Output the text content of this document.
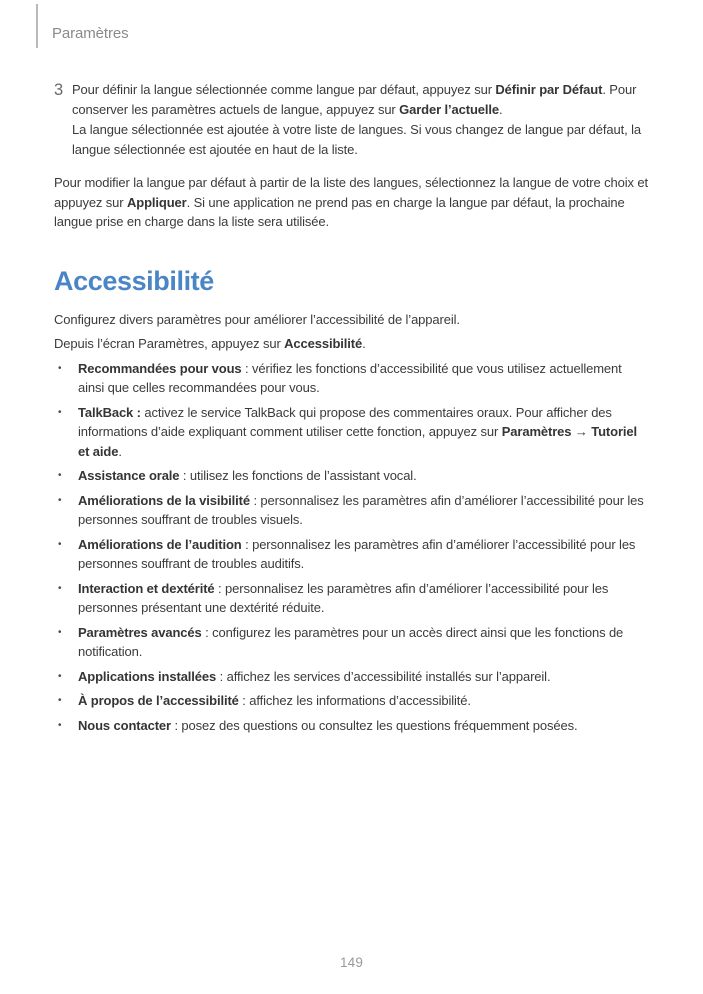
Paramètres
3 Pour définir la langue sélectionnée comme langue par défaut, appuyez sur Définir par Défaut. Pour conserver les paramètres actuels de langue, appuyez sur Garder l’actuelle.

La langue sélectionnée est ajoutée à votre liste de langues. Si vous changez de langue par défaut, la langue sélectionnée est ajoutée en haut de la liste.

Pour modifier la langue par défaut à partir de la liste des langues, sélectionnez la langue de votre choix et appuyez sur Appliquer. Si une application ne prend pas en charge la langue par défaut, la prochaine langue prise en charge dans la liste sera utilisée.

Accessibilité

Configurez divers paramètres pour améliorer l’accessibilité de l’appareil.

Depuis l’écran Paramètres, appuyez sur Accessibilité.

• Recommandées pour vous : vérifiez les fonctions d’accessibilité que vous utilisez actuellement ainsi que celles recommandées pour vous.
• TalkBack : activez le service TalkBack qui propose des commentaires oraux. Pour afficher des informations d’aide expliquant comment utiliser cette fonction, appuyez sur Paramètres → Tutoriel et aide.
• Assistance orale : utilisez les fonctions de l’assistant vocal.
• Améliorations de la visibilité : personnalisez les paramètres afin d’améliorer l’accessibilité pour les personnes souffrant de troubles visuels.
• Améliorations de l’audition : personnalisez les paramètres afin d’améliorer l’accessibilité pour les personnes souffrant de troubles auditifs.
• Interaction et dextérité : personnalisez les paramètres afin d’améliorer l’accessibilité pour les personnes présentant une dextérité réduite.
• Paramètres avancés : configurez les paramètres pour un accès direct ainsi que les fonctions de notification.
• Applications installées : affichez les services d’accessibilité installés sur l’appareil.
• À propos de l’accessibilité : affichez les informations d’accessibilité.
• Nous contacter : posez des questions ou consultez les questions fréquemment posées.
149
